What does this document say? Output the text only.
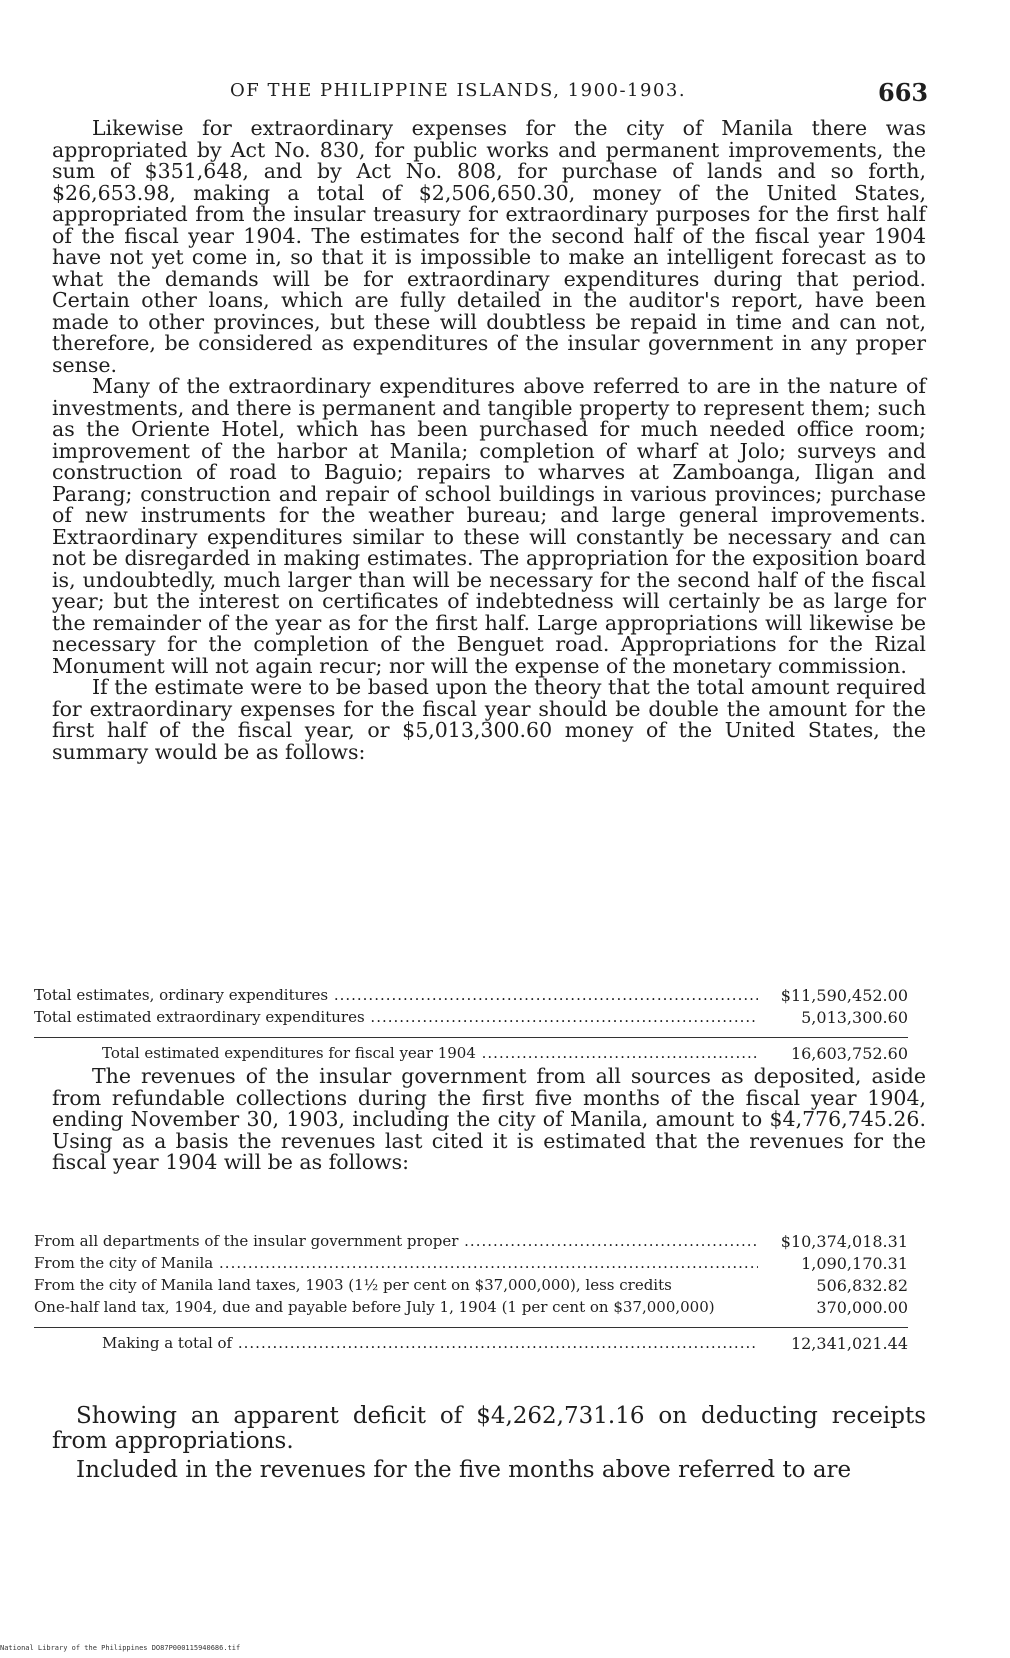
OF THE PHILIPPINE ISLANDS, 1900-1903.	663

Likewise for extraordinary expenses for the city of Manila there was appropriated by Act No. 830, for public works and permanent improvements, the sum of $351,648, and by Act No. 808, for purchase of lands and so forth, $26,653.98, making a total of $2,506,650.30, money of the United States, appropriated from the insular treasury for extraordinary purposes for the first half of the fiscal year 1904. The estimates for the second half of the fiscal year 1904 have not yet come in, so that it is impossible to make an intelligent forecast as to what the demands will be for extraordinary expenditures during that period. Certain other loans, which are fully detailed in the auditor's report, have been made to other provinces, but these will doubtless be repaid in time and can not, therefore, be considered as expenditures of the insular government in any proper sense.

Many of the extraordinary expenditures above referred to are in the nature of investments, and there is permanent and tangible property to represent them; such as the Oriente Hotel, which has been purchased for much needed office room; improvement of the harbor at Manila; completion of wharf at Jolo; surveys and construction of road to Baguio; repairs to wharves at Zamboanga, Iligan and Parang; construction and repair of school buildings in various provinces; purchase of new instruments for the weather bureau; and large general improvements. Extraordinary expenditures similar to these will constantly be necessary and can not be disregarded in making estimates. The appropriation for the exposition board is, undoubtedly, much larger than will be necessary for the second half of the fiscal year; but the interest on certificates of indebtedness will certainly be as large for the remainder of the year as for the first half. Large appropriations will likewise be necessary for the completion of the Benguet road. Appropriations for the Rizal Monument will not again recur; nor will the expense of the monetary commission.

If the estimate were to be based upon the theory that the total amount required for extraordinary expenses for the fiscal year should be double the amount for the first half of the fiscal year, or $5,013,300.60 money of the United States, the summary would be as follows:

Total estimates, ordinary expenditures .....	$11,590,452.00
Total estimated extraordinary expenditures .....	5,013,300.60
Total estimated expenditures for fiscal year 1904 .....	16,603,752.60

The revenues of the insular government from all sources as deposited, aside from refundable collections during the first five months of the fiscal year 1904, ending November 30, 1903, including the city of Manila, amount to $4,776,745.26. Using as a basis the revenues last cited it is estimated that the revenues for the fiscal year 1904 will be as follows:

From all departments of the insular government proper .....	$10,374,018.31
From the city of Manila .....	1,090,170.31
From the city of Manila land taxes, 1903 (1½ per cent on $37,000,000), less credits	506,832.82
One-half land tax, 1904, due and payable before July 1, 1904 (1 per cent on $37,000,000)	370,000.00
Making a total of .....	12,341,021.44

Showing an apparent deficit of $4,262,731.16 on deducting receipts from appropriations.

Included in the revenues for the five months above referred to are

National Library of the Philippines DO87P000115940686.tif
